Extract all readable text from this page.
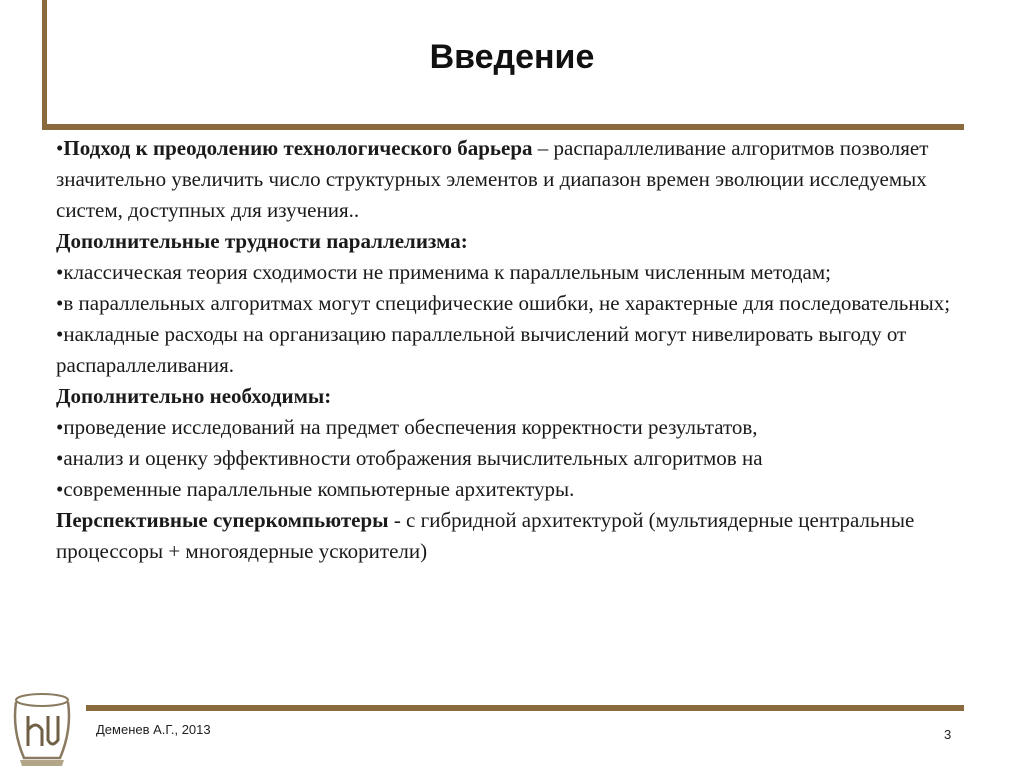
Введение

•Подход к преодолению технологического барьера – распараллеливание алгоритмов позволяет значительно увеличить число структурных элементов и диапазон времен эволюции исследуемых систем, доступных для изучения..

Дополнительные трудности параллелизма:

•классическая теория сходимости не применима к параллельным численным методам;

•в параллельных алгоритмах могут специфические ошибки, не характерные для последовательных;

•накладные расходы на организацию параллельной вычислений могут нивелировать выгоду от распараллеливания.

Дополнительно необходимы:

•проведение исследований на предмет обеспечения корректности результатов,

•анализ и оценку эффективности отображения вычислительных алгоритмов на

•современные параллельные компьютерные архитектуры.

Перспективные суперкомпьютеры - с гибридной архитектурой (мультиядерные центральные процессоры + многоядерные ускорители)

Деменев А.Г., 2013	3
